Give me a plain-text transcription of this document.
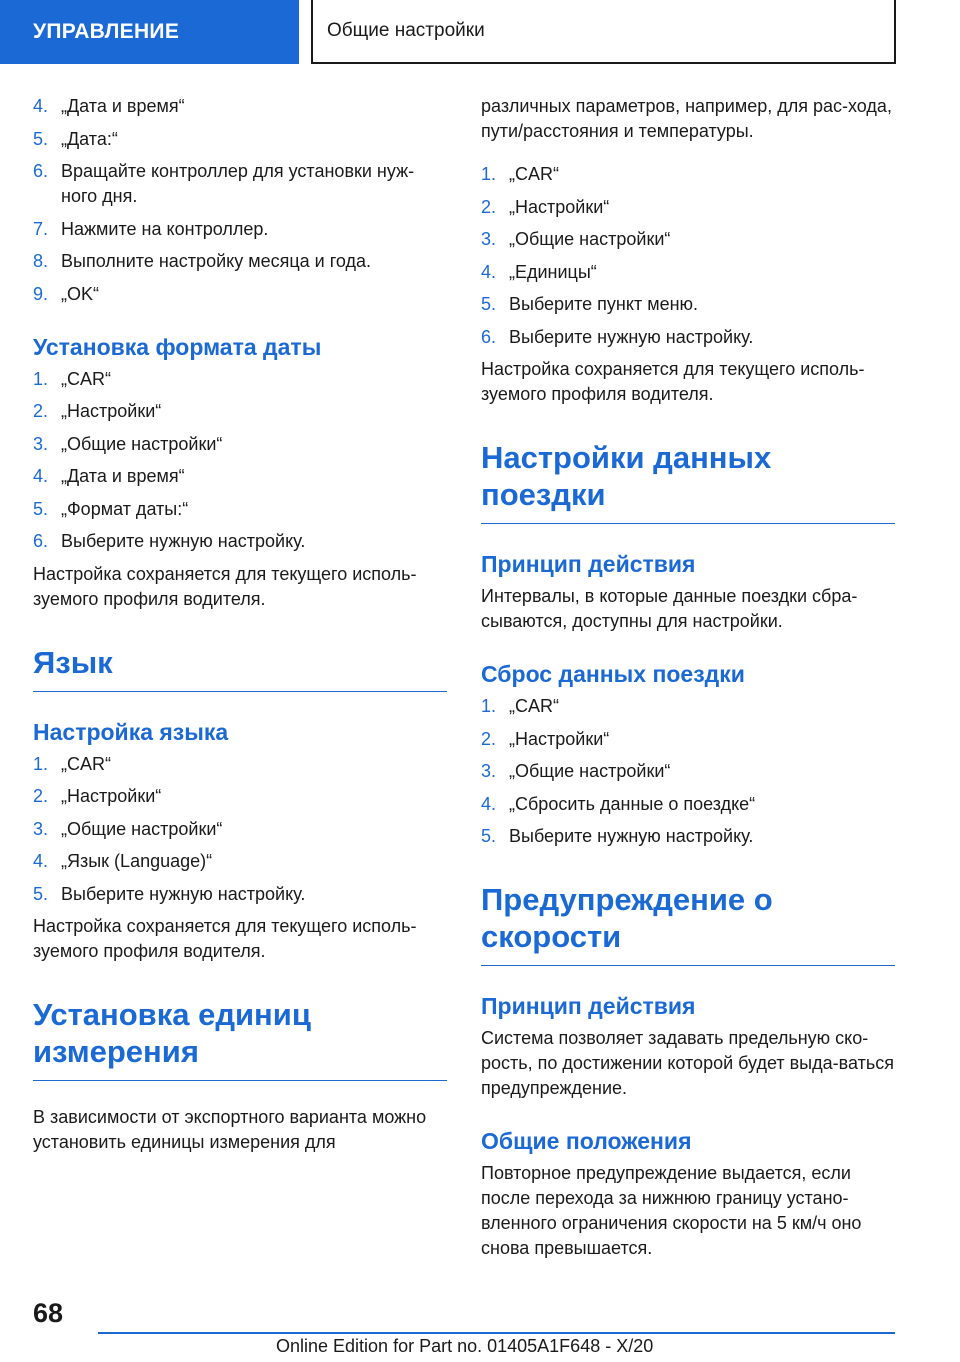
УПРАВЛЕНИЕ	Общие настройки
4. „Дата и время“
5. „Дата:“
6. Вращайте контроллер для установки нуж-ного дня.
7. Нажмите на контроллер.
8. Выполните настройку месяца и года.
9. „OK“
Установка формата даты
1. „CAR“
2. „Настройки“
3. „Общие настройки“
4. „Дата и время“
5. „Формат даты:“
6. Выберите нужную настройку.

Настройка сохраняется для текущего исполь-зуемого профиля водителя.

Язык
Настройка языка
1. „CAR“
2. „Настройки“
3. „Общие настройки“
4. „Язык (Language)“
5. Выберите нужную настройку.

Настройка сохраняется для текущего исполь-зуемого профиля водителя.

Установка единиц измерения

В зависимости от экспортного варианта можно установить единицы измерения для

различных параметров, например, для рас-хода, пути/расстояния и температуры.

1. „CAR“
2. „Настройки“
3. „Общие настройки“
4. „Единицы“
5. Выберите пункт меню.
6. Выберите нужную настройку.

Настройка сохраняется для текущего исполь-зуемого профиля водителя.

Настройки данных поездки
Принцип действия

Интервалы, в которые данные поездки сбра-сываются, доступны для настройки.

Сброс данных поездки
1. „CAR“
2. „Настройки“
3. „Общие настройки“
4. „Сбросить данные о поездке“
5. Выберите нужную настройку.
Предупреждение о скорости
Принцип действия

Система позволяет задавать предельную ско-рость, по достижении которой будет выда-ваться предупреждение.

Общие положения

Повторное предупреждение выдается, если после перехода за нижнюю границу устано-вленного ограничения скорости на 5 км/ч оно снова превышается.

68
Online Edition for Part no. 01405A1F648 - X/20
